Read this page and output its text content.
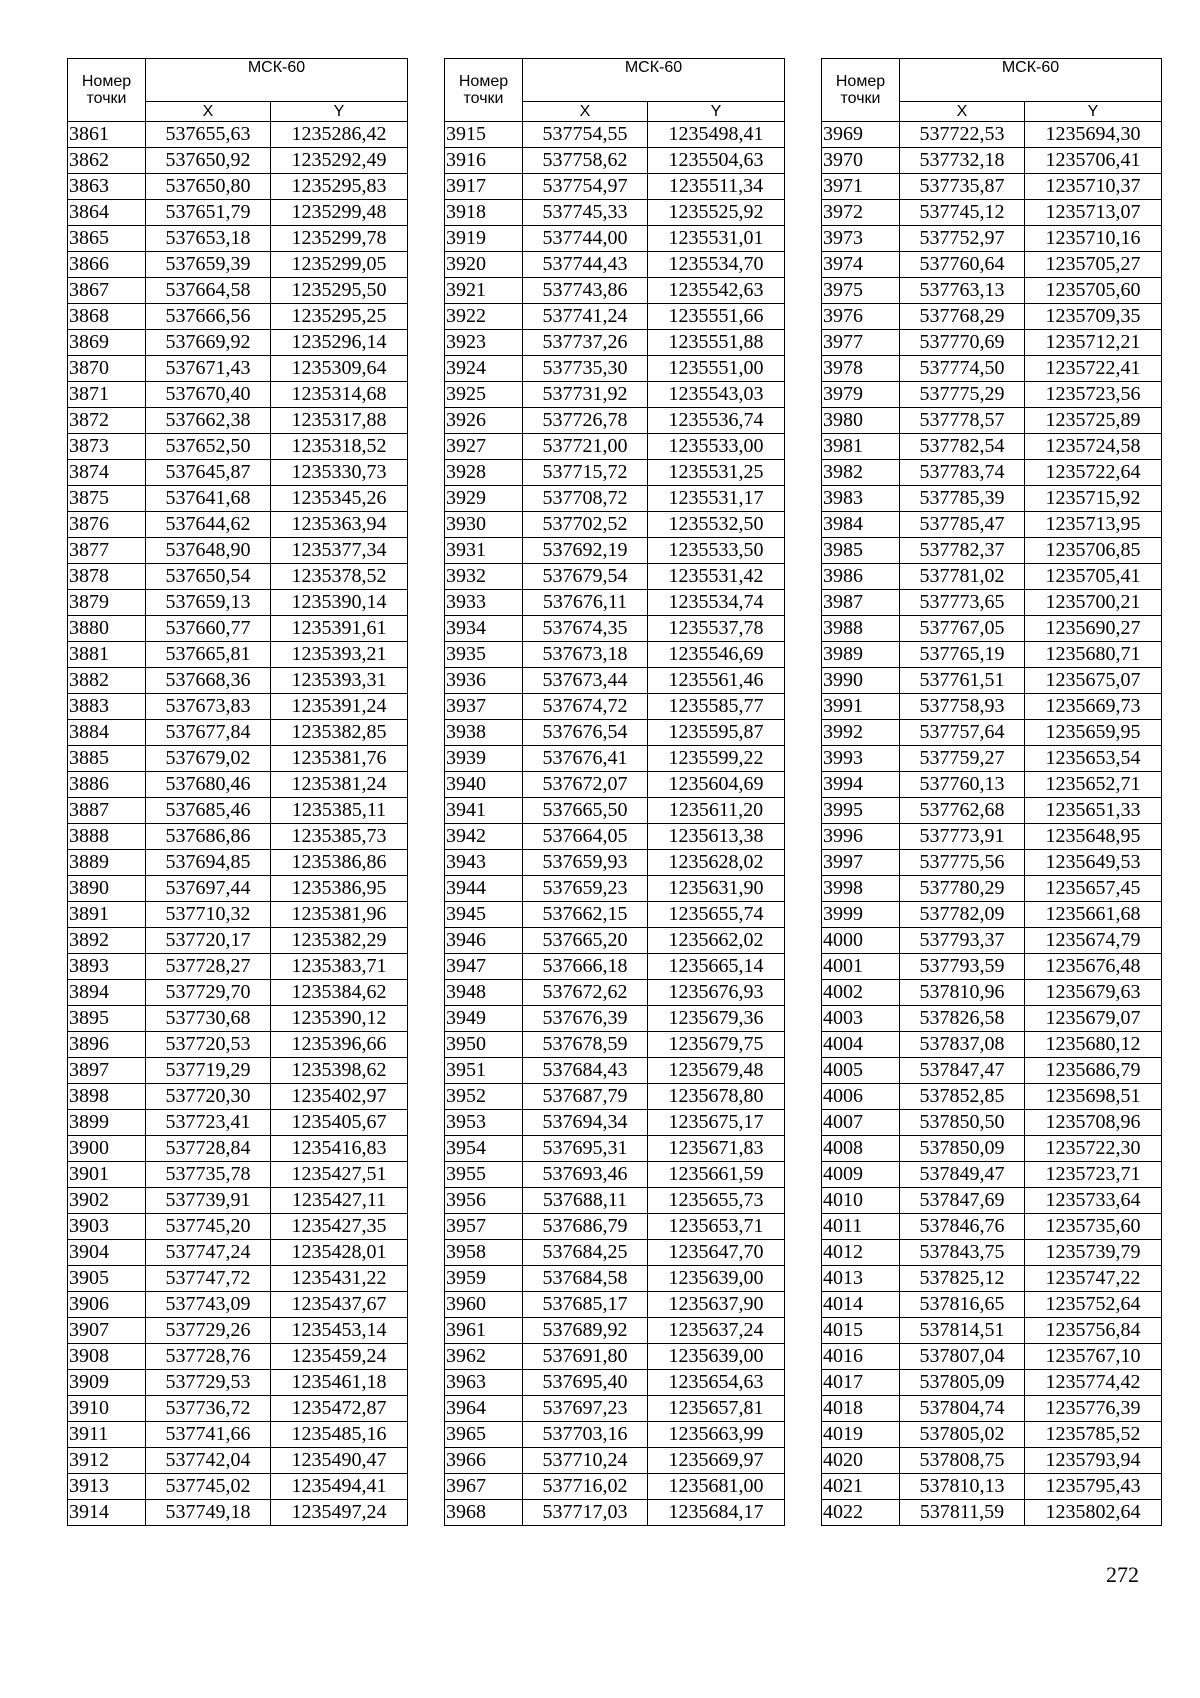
Номер точки	МСК-60	
	X	Y
3861	537655,63	1235286,42
3862	537650,92	1235292,49
3863	537650,80	1235295,83
3864	537651,79	1235299,48
3865	537653,18	1235299,78
3866	537659,39	1235299,05
3867	537664,58	1235295,50
3868	537666,56	1235295,25
3869	537669,92	1235296,14
3870	537671,43	1235309,64
3871	537670,40	1235314,68
3872	537662,38	1235317,88
3873	537652,50	1235318,52
3874	537645,87	1235330,73
3875	537641,68	1235345,26
3876	537644,62	1235363,94
3877	537648,90	1235377,34
3878	537650,54	1235378,52
3879	537659,13	1235390,14
3880	537660,77	1235391,61
3881	537665,81	1235393,21
3882	537668,36	1235393,31
3883	537673,83	1235391,24
3884	537677,84	1235382,85
3885	537679,02	1235381,76
3886	537680,46	1235381,24
3887	537685,46	1235385,11
3888	537686,86	1235385,73
3889	537694,85	1235386,86
3890	537697,44	1235386,95
3891	537710,32	1235381,96
3892	537720,17	1235382,29
3893	537728,27	1235383,71
3894	537729,70	1235384,62
3895	537730,68	1235390,12
3896	537720,53	1235396,66
3897	537719,29	1235398,62
3898	537720,30	1235402,97
3899	537723,41	1235405,67
3900	537728,84	1235416,83
3901	537735,78	1235427,51
3902	537739,91	1235427,11
3903	537745,20	1235427,35
3904	537747,24	1235428,01
3905	537747,72	1235431,22
3906	537743,09	1235437,67
3907	537729,26	1235453,14
3908	537728,76	1235459,24
3909	537729,53	1235461,18
3910	537736,72	1235472,87
3911	537741,66	1235485,16
3912	537742,04	1235490,47
3913	537745,02	1235494,41
3914	537749,18	1235497,24
Номер точки	МСК-60	
	X	Y
3915	537754,55	1235498,41
3916	537758,62	1235504,63
3917	537754,97	1235511,34
3918	537745,33	1235525,92
3919	537744,00	1235531,01
3920	537744,43	1235534,70
3921	537743,86	1235542,63
3922	537741,24	1235551,66
3923	537737,26	1235551,88
3924	537735,30	1235551,00
3925	537731,92	1235543,03
3926	537726,78	1235536,74
3927	537721,00	1235533,00
3928	537715,72	1235531,25
3929	537708,72	1235531,17
3930	537702,52	1235532,50
3931	537692,19	1235533,50
3932	537679,54	1235531,42
3933	537676,11	1235534,74
3934	537674,35	1235537,78
3935	537673,18	1235546,69
3936	537673,44	1235561,46
3937	537674,72	1235585,77
3938	537676,54	1235595,87
3939	537676,41	1235599,22
3940	537672,07	1235604,69
3941	537665,50	1235611,20
3942	537664,05	1235613,38
3943	537659,93	1235628,02
3944	537659,23	1235631,90
3945	537662,15	1235655,74
3946	537665,20	1235662,02
3947	537666,18	1235665,14
3948	537672,62	1235676,93
3949	537676,39	1235679,36
3950	537678,59	1235679,75
3951	537684,43	1235679,48
3952	537687,79	1235678,80
3953	537694,34	1235675,17
3954	537695,31	1235671,83
3955	537693,46	1235661,59
3956	537688,11	1235655,73
3957	537686,79	1235653,71
3958	537684,25	1235647,70
3959	537684,58	1235639,00
3960	537685,17	1235637,90
3961	537689,92	1235637,24
3962	537691,80	1235639,00
3963	537695,40	1235654,63
3964	537697,23	1235657,81
3965	537703,16	1235663,99
3966	537710,24	1235669,97
3967	537716,02	1235681,00
3968	537717,03	1235684,17
Номер точки	МСК-60	
	X	Y
3969	537722,53	1235694,30
3970	537732,18	1235706,41
3971	537735,87	1235710,37
3972	537745,12	1235713,07
3973	537752,97	1235710,16
3974	537760,64	1235705,27
3975	537763,13	1235705,60
3976	537768,29	1235709,35
3977	537770,69	1235712,21
3978	537774,50	1235722,41
3979	537775,29	1235723,56
3980	537778,57	1235725,89
3981	537782,54	1235724,58
3982	537783,74	1235722,64
3983	537785,39	1235715,92
3984	537785,47	1235713,95
3985	537782,37	1235706,85
3986	537781,02	1235705,41
3987	537773,65	1235700,21
3988	537767,05	1235690,27
3989	537765,19	1235680,71
3990	537761,51	1235675,07
3991	537758,93	1235669,73
3992	537757,64	1235659,95
3993	537759,27	1235653,54
3994	537760,13	1235652,71
3995	537762,68	1235651,33
3996	537773,91	1235648,95
3997	537775,56	1235649,53
3998	537780,29	1235657,45
3999	537782,09	1235661,68
4000	537793,37	1235674,79
4001	537793,59	1235676,48
4002	537810,96	1235679,63
4003	537826,58	1235679,07
4004	537837,08	1235680,12
4005	537847,47	1235686,79
4006	537852,85	1235698,51
4007	537850,50	1235708,96
4008	537850,09	1235722,30
4009	537849,47	1235723,71
4010	537847,69	1235733,64
4011	537846,76	1235735,60
4012	537843,75	1235739,79
4013	537825,12	1235747,22
4014	537816,65	1235752,64
4015	537814,51	1235756,84
4016	537807,04	1235767,10
4017	537805,09	1235774,42
4018	537804,74	1235776,39
4019	537805,02	1235785,52
4020	537808,75	1235793,94
4021	537810,13	1235795,43
4022	537811,59	1235802,64
272
